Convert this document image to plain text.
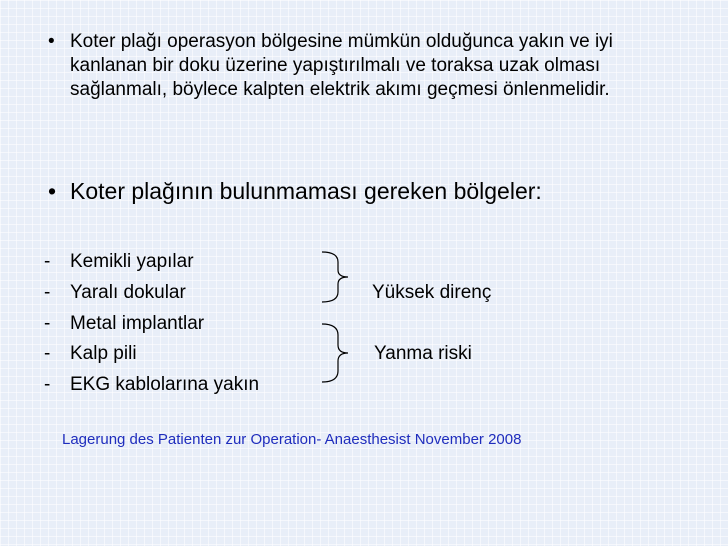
• Koter plağı operasyon bölgesine mümkün olduğunca yakın ve iyi kanlanan bir doku üzerine yapıştırılmalı ve toraksa uzak olması sağlanmalı, böylece kalpten elektrik akımı geçmesi önlenmelidir.
• Koter plağının bulunmaması gereken bölgeler:
-	Kemikli yapılar
-	Yaralı dokular
-	Metal implantlar
-	Kalp pili
-	EKG kablolarına yakın
Yüksek direnç
Yanma riski
Lagerung des Patienten zur Operation- Anaesthesist November 2008
